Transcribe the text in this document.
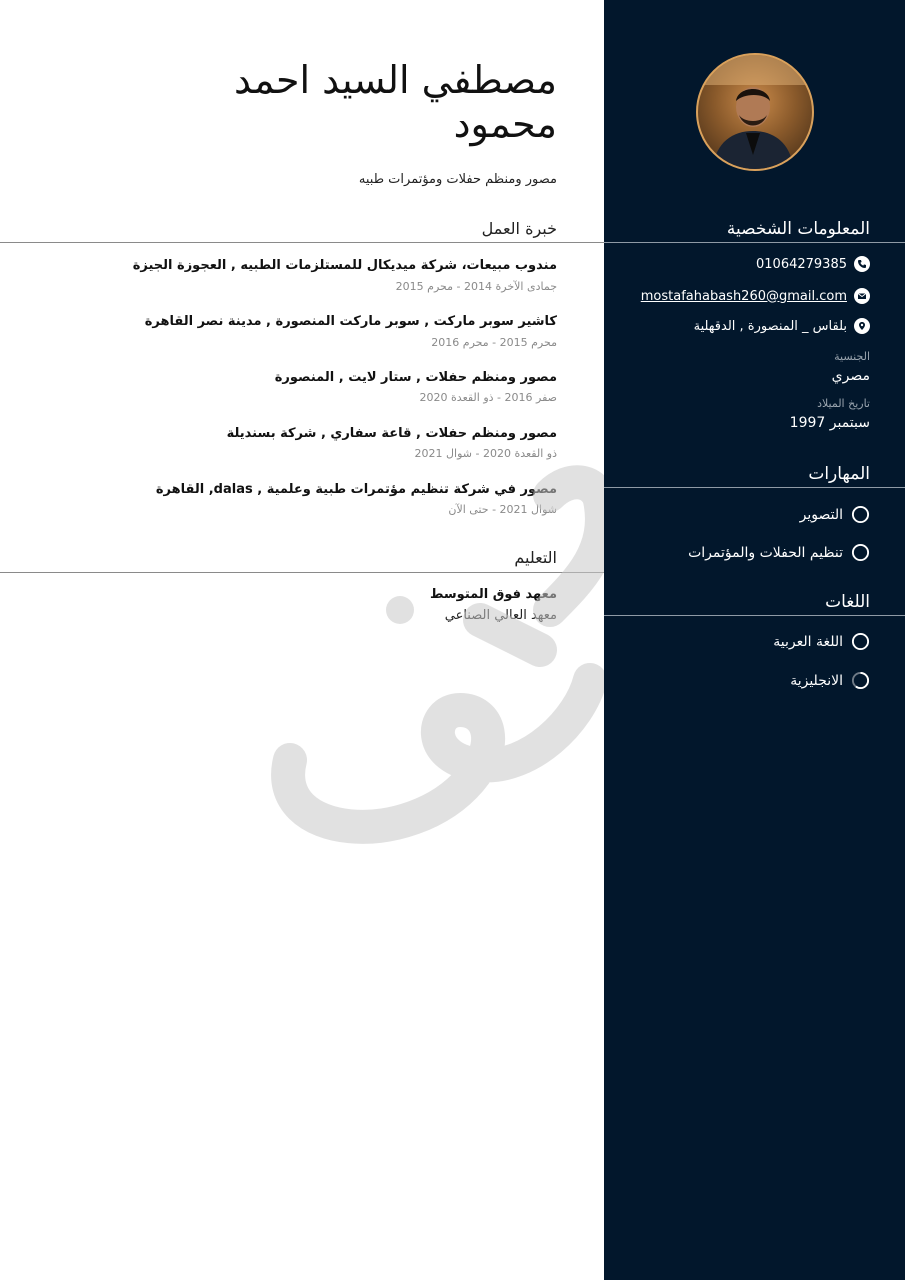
مصطفي السيد احمد
محمود
مصور ومنظم حفلات ومؤتمرات طبيه
خبرة العمل
مندوب مبيعات، شركة ميديكال للمستلزمات الطبيه , العجوزة الجيزة
جمادى الآخرة 2014 - محرم 2015
كاشير سوبر ماركت , سوبر ماركت المنصورة , مدينة نصر القاهرة
محرم 2015 - محرم 2016
مصور ومنظم حفلات , ستار لايت , المنصورة
صفر 2016 - ذو القعدة 2020
مصور ومنظم حفلات , قاعة سفاري , شركة بسنديلة
ذو القعدة 2020 - شوال 2021
مصور في شركة تنظيم مؤتمرات طبية وعلمية , dalas, القاهرة
شوال 2021 - حتى الآن
التعليم
معهد فوق المتوسط
معهد العالي الصناعي
المعلومات الشخصية
01064279385
mostafahabash260@gmail.com
بلقاس _ المنصورة , الدقهلية
الجنسية
مصري
تاريخ الميلاد
سبتمبر 1997
المهارات
التصوير
تنظيم الحفلات والمؤتمرات
اللغات
اللغة العربية
الانجليزية
